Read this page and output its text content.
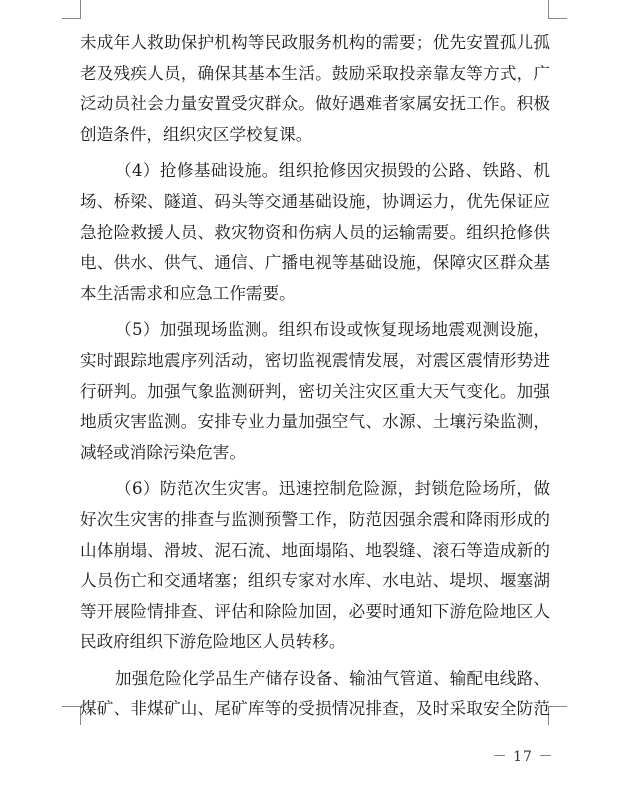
未成年人救助保护机构等民政服务机构的需要；优先安置孤儿孤
老及残疾人员，确保其基本生活。鼓励采取投亲靠友等方式，广
泛动员社会力量安置受灾群众。做好遇难者家属安抚工作。积极
创造条件，组织灾区学校复课。
（4）抢修基础设施。组织抢修因灾损毁的公路、铁路、机
场、桥梁、隧道、码头等交通基础设施，协调运力，优先保证应
急抢险救援人员、救灾物资和伤病人员的运输需要。组织抢修供
电、供水、供气、通信、广播电视等基础设施，保障灾区群众基
本生活需求和应急工作需要。
（5）加强现场监测。组织布设或恢复现场地震观测设施，
实时跟踪地震序列活动，密切监视震情发展，对震区震情形势进
行研判。加强气象监测研判，密切关注灾区重大天气变化。加强
地质灾害监测。安排专业力量加强空气、水源、土壤污染监测，
减轻或消除污染危害。
（6）防范次生灾害。迅速控制危险源，封锁危险场所，做
好次生灾害的排查与监测预警工作，防范因强余震和降雨形成的
山体崩塌、滑坡、泥石流、地面塌陷、地裂缝、滚石等造成新的
人员伤亡和交通堵塞；组织专家对水库、水电站、堤坝、堰塞湖
等开展险情排查、评估和除险加固，必要时通知下游危险地区人
民政府组织下游危险地区人员转移。
加强危险化学品生产储存设备、输油气管道、输配电线路、
煤矿、非煤矿山、尾矿库等的受损情况排查，及时采取安全防范
－ 17 －
